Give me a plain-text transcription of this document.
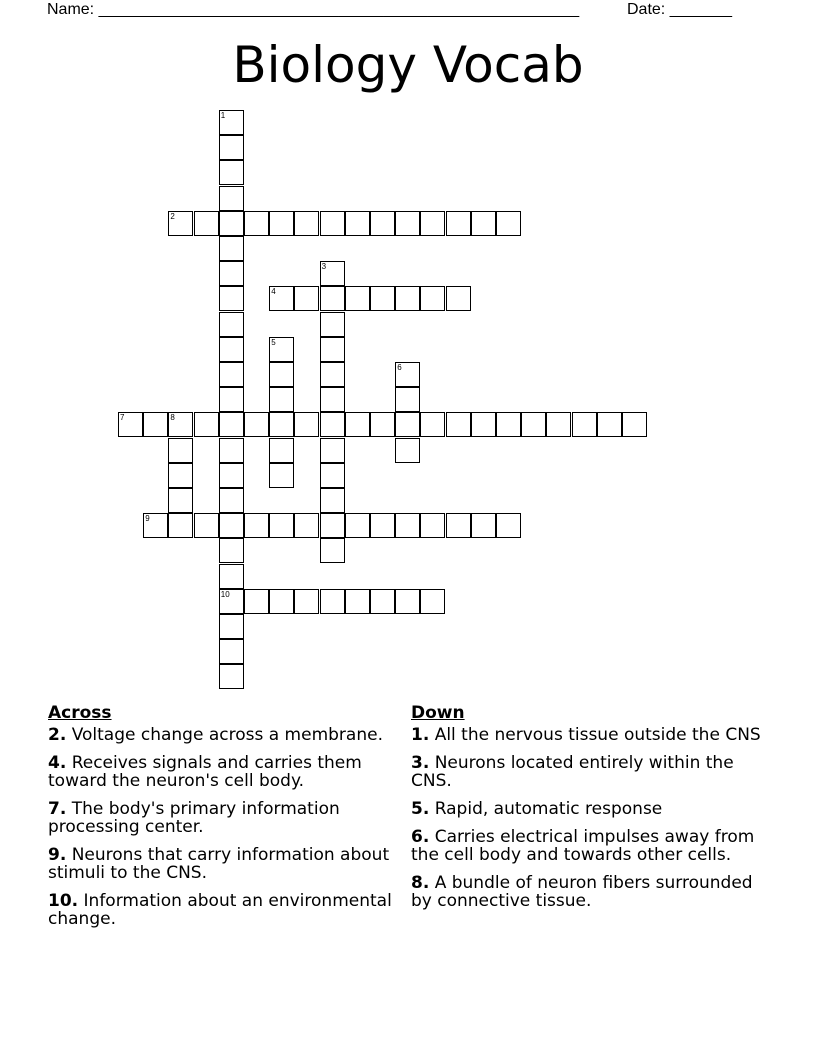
Name: ______________________________________________________	Date: _______
Biology Vocab
1
10
2
3
4
5
6
7	8
9
Across
2. Voltage change across a membrane.
4. Receives signals and carries them toward the neuron's cell body.
7. The body's primary information processing center.
9. Neurons that carry information about stimuli to the CNS.
10. Information about an environmental change.
Down
1. All the nervous tissue outside the CNS
3. Neurons located entirely within the CNS.
5. Rapid, automatic response
6. Carries electrical impulses away from the cell body and towards other cells.
8. A bundle of neuron fibers surrounded by connective tissue.
